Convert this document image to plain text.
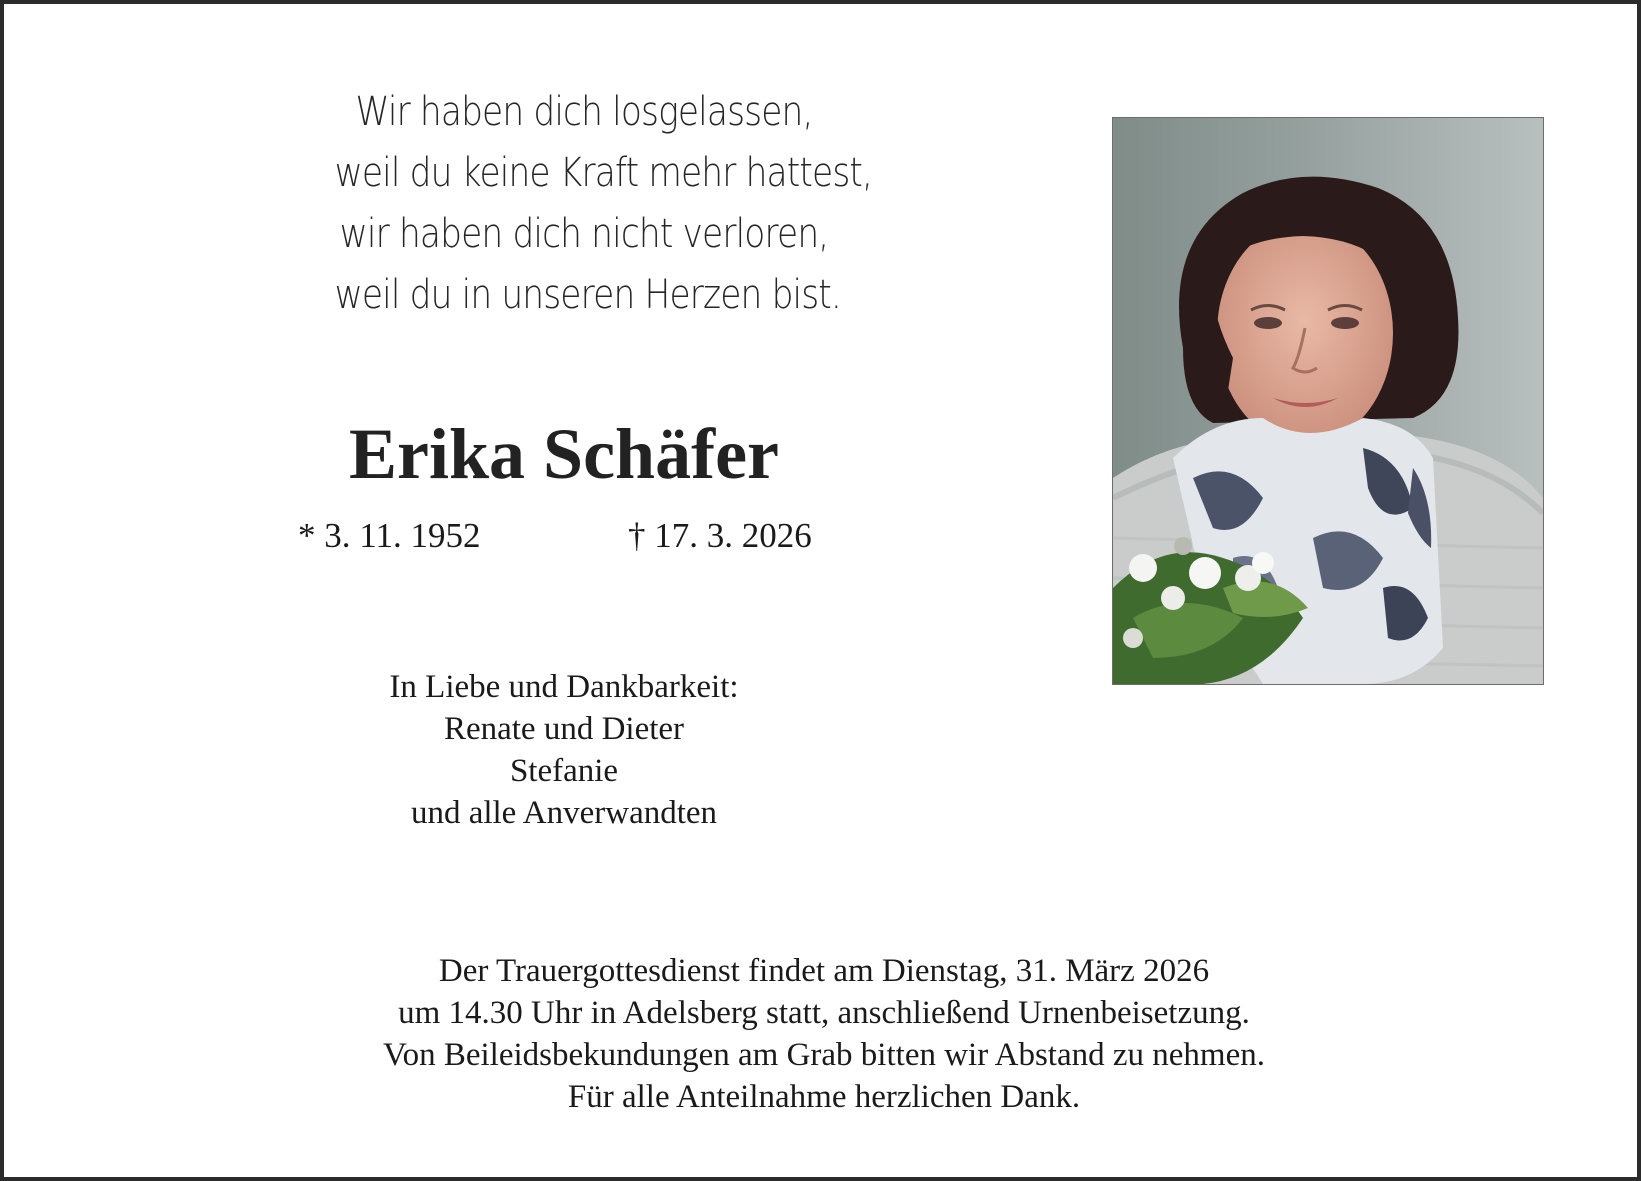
Wir haben dich losgelassen,
weil du keine Kraft mehr hattest,
wir haben dich nicht verloren,
weil du in unseren Herzen bist.
Erika Schäfer
* 3. 11. 1952	† 17. 3. 2026
In Liebe und Dankbarkeit:
Renate und Dieter
Stefanie
und alle Anverwandten
Der Trauergottesdienst findet am Dienstag, 31. März 2026
um 14.30 Uhr in Adelsberg statt, anschließend Urnenbeisetzung.
Von Beileidsbekundungen am Grab bitten wir Abstand zu nehmen.
Für alle Anteilnahme herzlichen Dank.
